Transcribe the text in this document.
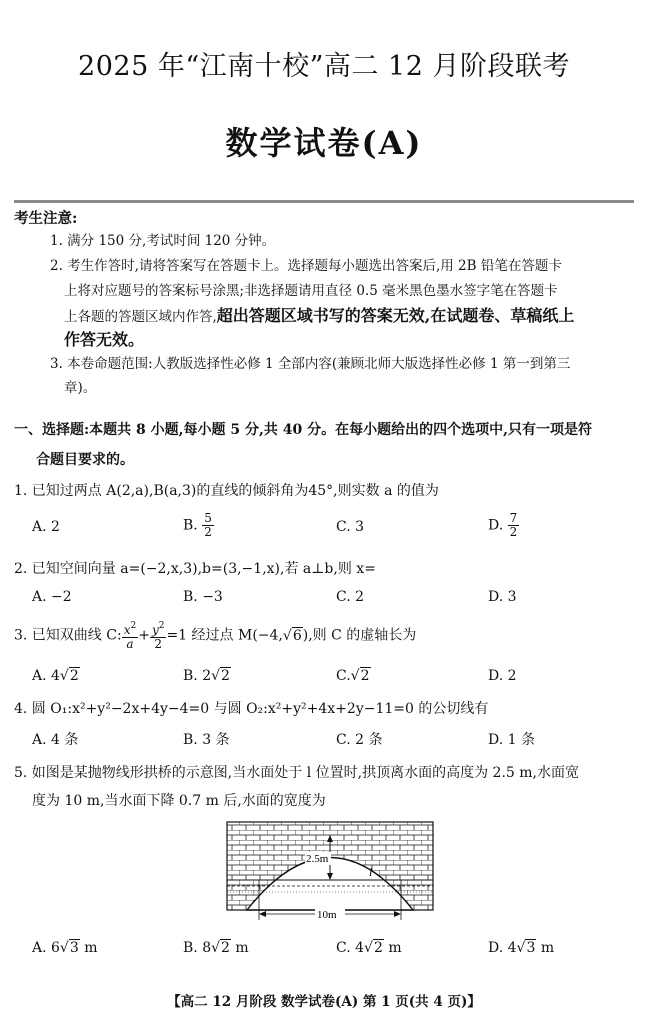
2025 年“江南十校”高二 12 月阶段联考
数学试卷(A)
考生注意:
1. 满分 150 分,考试时间 120 分钟。
2. 考生作答时,请将答案写在答题卡上。选择题每小题选出答案后,用 2B 铅笔在答题卡
上将对应题号的答案标号涂黑;非选择题请用直径 0.5 毫米黑色墨水签字笔在答题卡
上各题的答题区域内作答,超出答题区域书写的答案无效,在试题卷、草稿纸上
作答无效。
3. 本卷命题范围:人教版选择性必修 1 全部内容(兼顾北师大版选择性必修 1 第一到第三
章)。
一、选择题:本题共 8 小题,每小题 5 分,共 40 分。在每小题给出的四个选项中,只有一项是符
合题目要求的。
1. 已知过两点 A(2,a),B(a,3)的直线的倾斜角为45°,则实数 a 的值为
A. 2	B. $\frac{5}{2}$	C. 3	D. $\frac{7}{2}$
2. 已知空间向量 a=(−2,x,3),b=(3,−1,x),若 a⊥b,则 x=
A. −2	B. −3	C. 2	D. 3
3. 已知双曲线 C: $\frac{x^2}{a} + \frac{y^2}{2} =1$ 经过点 M(−4,√6),则 C 的虚轴长为
A. 4√2	B. 2√2	C.√2	D. 2
4. 圆 O₁:x²+y²−2x+4y−4=0 与圆 O₂:x²+y²+4x+2y−11=0 的公切线有
A. 4 条	B. 3 条	C. 2 条	D. 1 条
5. 如图是某抛物线形拱桥的示意图,当水面处于 l 位置时,拱顶离水面的高度为 2.5 m,水面宽
度为 10 m,当水面下降 0.7 m 后,水面的宽度为
2.5m
l
10m
A. 6√3 m	B. 8√2 m	C. 4√2 m	D. 4√3 m
【高二 12 月阶段 数学试卷(A) 第 1 页(共 4 页)】
